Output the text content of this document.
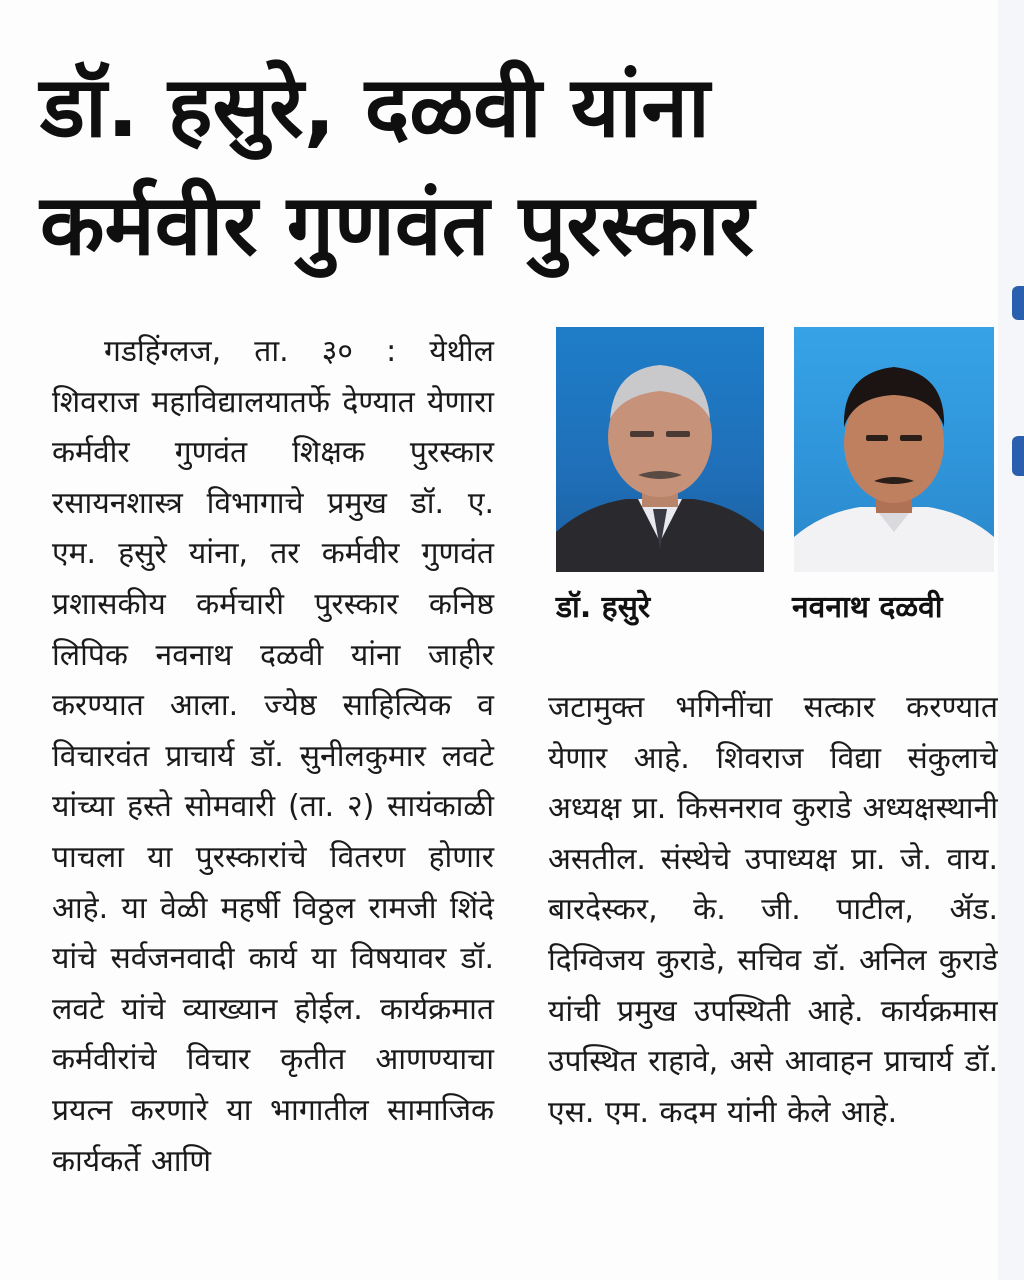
डॉ. हसुरे, दळवी यांना
कर्मवीर गुणवंत पुरस्कार

गडहिंग्लज, ता. ३० : येथील शिवराज महाविद्यालयातर्फे देण्यात येणारा कर्मवीर गुणवंत शिक्षक पुरस्कार रसायनशास्त्र विभागाचे प्रमुख डॉ. ए. एम. हसुरे यांना, तर कर्मवीर गुणवंत प्रशासकीय कर्मचारी पुरस्कार कनिष्ठ लिपिक नवनाथ दळवी यांना जाहीर करण्यात आला. ज्येष्ठ साहित्यिक व विचारवंत प्राचार्य डॉ. सुनीलकुमार लवटे यांच्या हस्ते सोमवारी (ता. २) सायंकाळी पाचला या पुरस्कारांचे वितरण होणार आहे. या वेळी महर्षी विठ्ठल रामजी शिंदे यांचे सर्वजनवादी कार्य या विषयावर डॉ. लवटे यांचे व्याख्यान होईल. कार्यक्रमात कर्मवीरांचे विचार कृतीत आणण्याचा प्रयत्न करणारे या भागातील सामाजिक कार्यकर्ते आणि

डॉ. हसुरे	नवनाथ दळवी

जटामुक्त भगिनींचा सत्कार करण्यात येणार आहे. शिवराज विद्या संकुलाचे अध्यक्ष प्रा. किसनराव कुराडे अध्यक्षस्थानी असतील. संस्थेचे उपाध्यक्ष प्रा. जे. वाय. बारदेस्कर, के. जी. पाटील, ॲड. दिग्विजय कुराडे, सचिव डॉ. अनिल कुराडे यांची प्रमुख उपस्थिती आहे. कार्यक्रमास उपस्थित राहावे, असे आवाहन प्राचार्य डॉ. एस. एम. कदम यांनी केले आहे.
